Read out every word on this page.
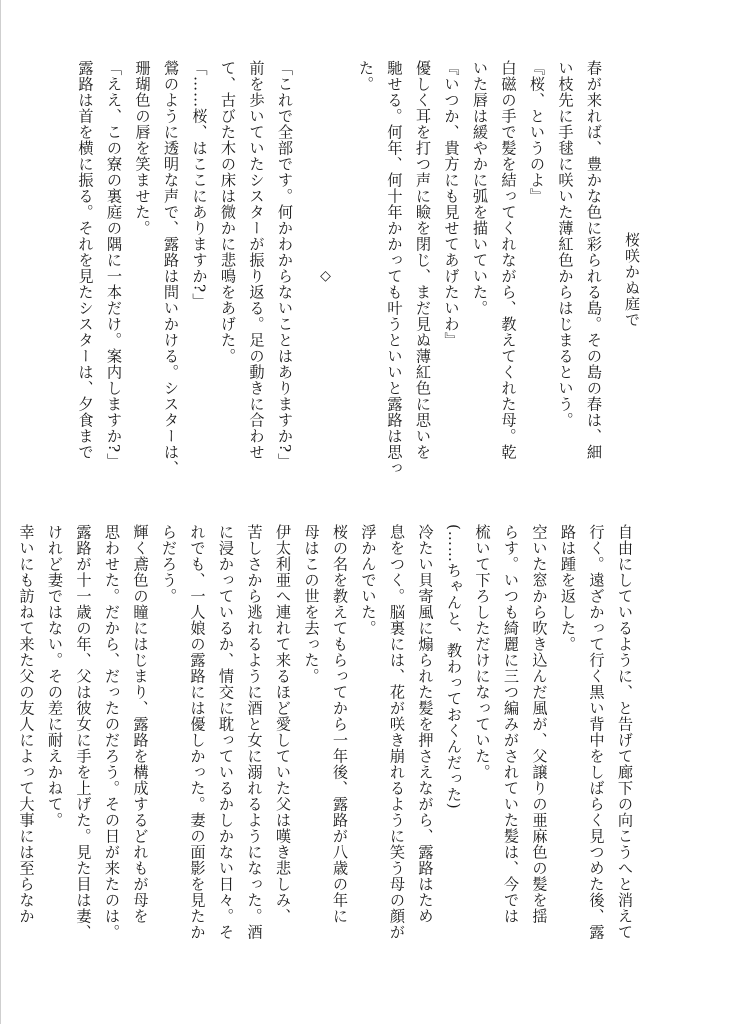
桜咲かぬ庭で
春が来れば、豊かな色に彩られる島。その島の春は、細
い枝先に手毬に咲いた薄紅色からはじまるという。
『桜、というのよ』
白磁の手で髪を結ってくれながら、教えてくれた母。乾
いた唇は緩やかに弧を描いていた。
『いつか、貴方にも見せてあげたいわ』
優しく耳を打つ声に瞼を閉じ、まだ見ぬ薄紅色に思いを
馳せる。何年、何十年かかっても叶うといいと露路は思っ
た。
◇
「これで全部です。何かわからないことはありますか?」
前を歩いていたシスターが振り返る。足の動きに合わせ
て、古びた木の床は微かに悲鳴をあげた。
「……桜、はここにありますか?」
鶯のように透明な声で、露路は問いかける。シスターは、
珊瑚色の唇を笑ませた。
「ええ、この寮の裏庭の隅に一本だけ。案内しますか?」
露路は首を横に振る。それを見たシスターは、夕食まで
自由にしているように、と告げて廊下の向こうへと消えて
行く。遠ざかって行く黒い背中をしばらく見つめた後、露
路は踵を返した。
空いた窓から吹き込んだ風が、父譲りの亜麻色の髪を揺
らす。いつも綺麗に三つ編みがされていた髪は、今では
梳いて下ろしただけになっていた。
(……ちゃんと、教わっておくんだった)
冷たい貝寄風に煽られた髪を押さえながら、露路はため
息をつく。脳裏には、花が咲き崩れるように笑う母の顔が
浮かんでいた。
桜の名を教えてもらってから一年後、露路が八歳の年に
母はこの世を去った。
伊太利亜へ連れて来るほど愛していた父は嘆き悲しみ、
苦しさから逃れるように酒と女に溺れるようになった。酒
に浸かっているか、情交に耽っているかしかない日々。そ
れでも、一人娘の露路には優しかった。妻の面影を見たか
らだろう。
輝く鳶色の瞳にはじまり、露路を構成するどれもが母を
思わせた。だから、だったのだろう。その日が来たのは。
露路が十一歳の年、父は彼女に手を上げた。見た目は妻、
けれど妻ではない。その差に耐えかねて。
幸いにも訪ねて来た父の友人によって大事には至らなか
